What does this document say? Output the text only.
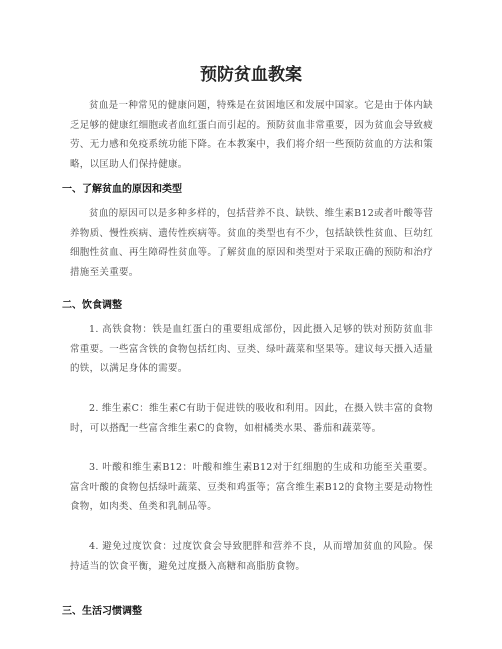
预防贫血教案

贫血是一种常见的健康问题，特殊是在贫困地区和发展中国家。它是由于体内缺乏足够的健康红细胞或者血红蛋白而引起的。预防贫血非常重要，因为贫血会导致疲劳、无力感和免疫系统功能下降。在本教案中，我们将介绍一些预防贫血的方法和策略，以匡助人们保持健康。

一、了解贫血的原因和类型

贫血的原因可以是多种多样的，包括营养不良、缺铁、维生素B12或者叶酸等营养物质、慢性疾病、遗传性疾病等。贫血的类型也有不少，包括缺铁性贫血、巨幼红细胞性贫血、再生障碍性贫血等。了解贫血的原因和类型对于采取正确的预防和治疗措施至关重要。

二、饮食调整

1. 高铁食物：铁是血红蛋白的重要组成部份，因此摄入足够的铁对预防贫血非常重要。一些富含铁的食物包括红肉、豆类、绿叶蔬菜和坚果等。建议每天摄入适量的铁，以满足身体的需要。

2. 维生素C：维生素C有助于促进铁的吸收和利用。因此，在摄入铁丰富的食物时，可以搭配一些富含维生素C的食物，如柑橘类水果、番茄和蔬菜等。

3. 叶酸和维生素B12：叶酸和维生素B12对于红细胞的生成和功能至关重要。富含叶酸的食物包括绿叶蔬菜、豆类和鸡蛋等；富含维生素B12的食物主要是动物性食物，如肉类、鱼类和乳制品等。

4. 避免过度饮食：过度饮食会导致肥胖和营养不良，从而增加贫血的风险。保持适当的饮食平衡，避免过度摄入高糖和高脂肪食物。

三、生活习惯调整
